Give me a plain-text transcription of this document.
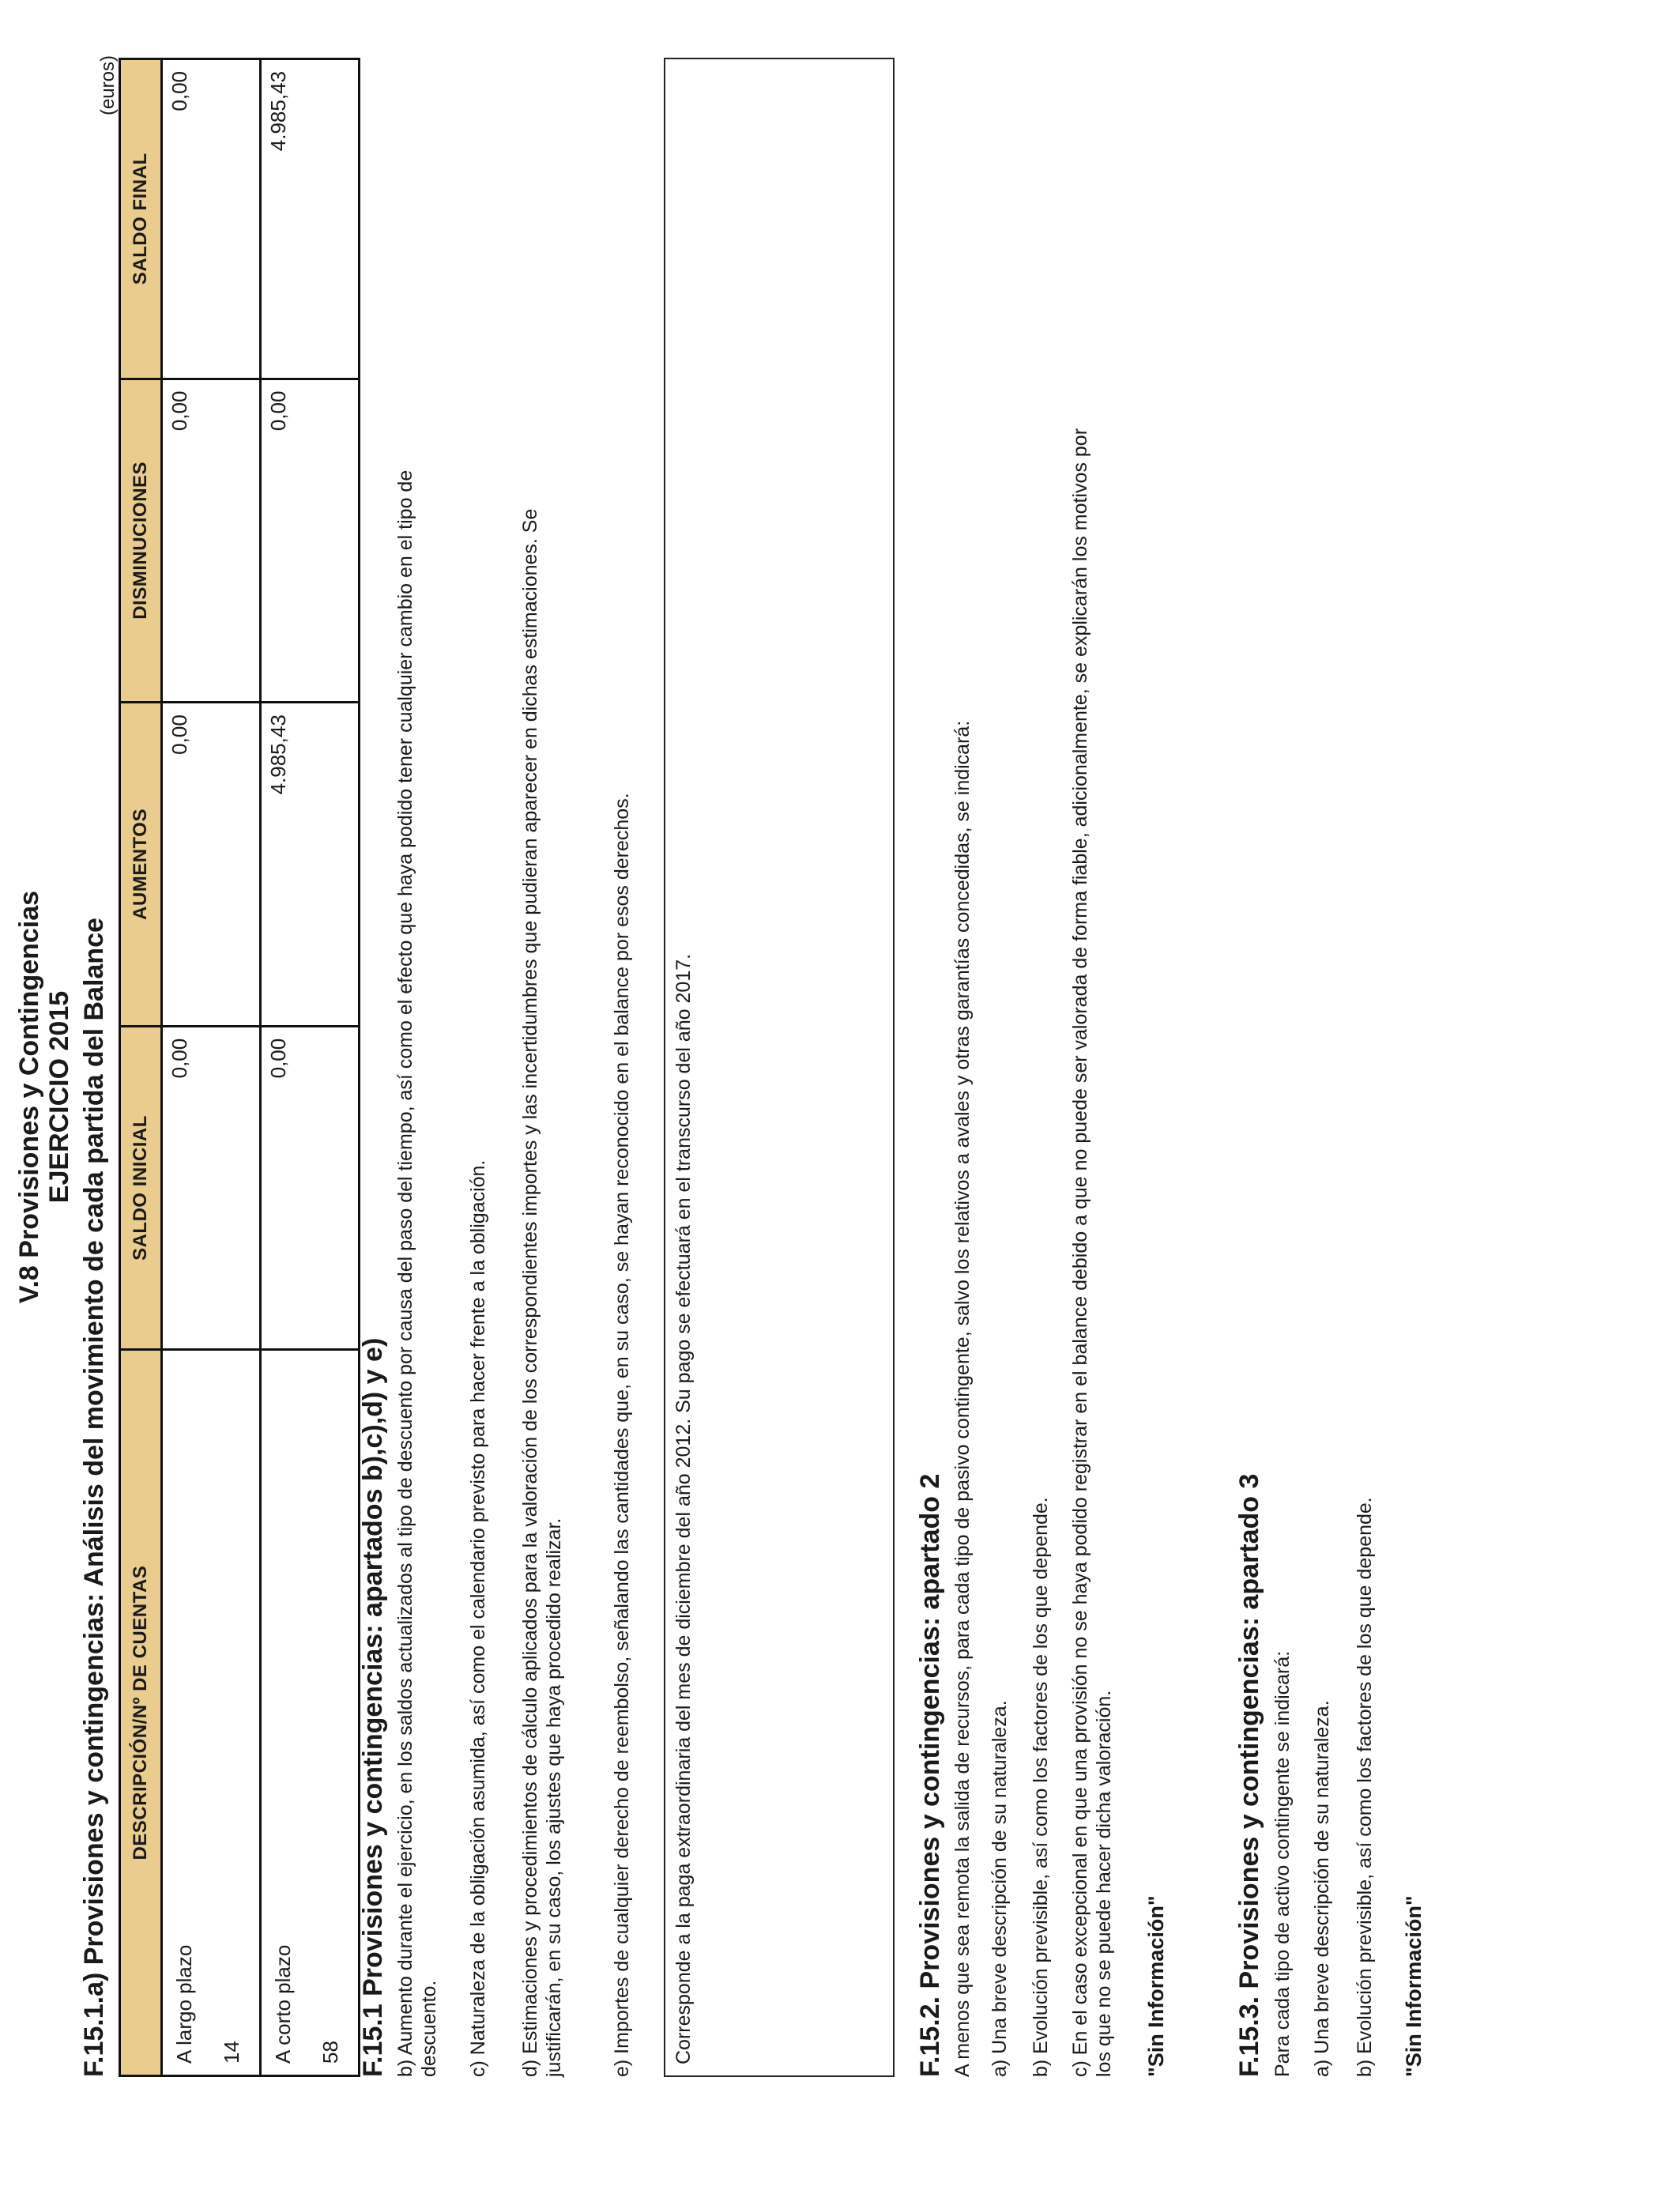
V.8 Provisiones y Contingencias EJERCICIO 2015 F.15.1.a) Provisiones y contingencias: Análisis del movimiento de cada partida del Balance
(euros)
DESCRIPCIÓN/Nº DE CUENTAS	SALDO INICIAL	AUMENTOS	DISMINUCIONES	SALDO FINAL

A largo plazo 14	0,00	0,00	0,00	0,00

A corto plazo 58	0,00	4.985,43	0,00	4.985,43
F.15.1 Provisiones y contingencias: apartados b),c),d) y e) b) Aumento durante el ejercicio, en los saldos actualizados al tipo de descuento por causa del paso del tiempo, así como el efecto que haya podido tener cualquier cambio en el tipo de descuento. c) Naturaleza de la obligación asumida, así como el calendario previsto para hacer frente a la obligación. d) Estimaciones y procedimientos de cálculo aplicados para la valoración de los correspondientes importes y las incertidumbres que pudieran aparecer en dichas estimaciones. Se justificarán, en su caso, los ajustes que haya procedido realizar. e) Importes de cualquier derecho de reembolso, señalando las cantidades que, en su caso, se hayan reconocido en el balance por esos derechos. Corresponde a la paga extraordinaria del mes de diciembre del año 2012. Su pago se efectuará en el transcurso del año 2017.	F.15.2. Provisiones y contingencias: apartado 2 A menos que sea remota la salida de recursos, para cada tipo de pasivo contingente, salvo los relativos a avales y otras garantías concedidas, se indicará: a) Una breve descripción de su naturaleza. b) Evolución previsible, así como los factores de los que depende. c) En el caso excepcional en que una provisión no se haya podido registrar en el balance debido a que no puede ser valorada de forma fiable, adicionalmente, se explicarán los motivos por los que no se puede hacer dicha valoración. "Sin Información" F.15.3. Provisiones y contingencias: apartado 3 Para cada tipo de activo contingente se indicará: a) Una breve descripción de su naturaleza. b) Evolución previsible, así como los factores de los que depende. "Sin Información"
